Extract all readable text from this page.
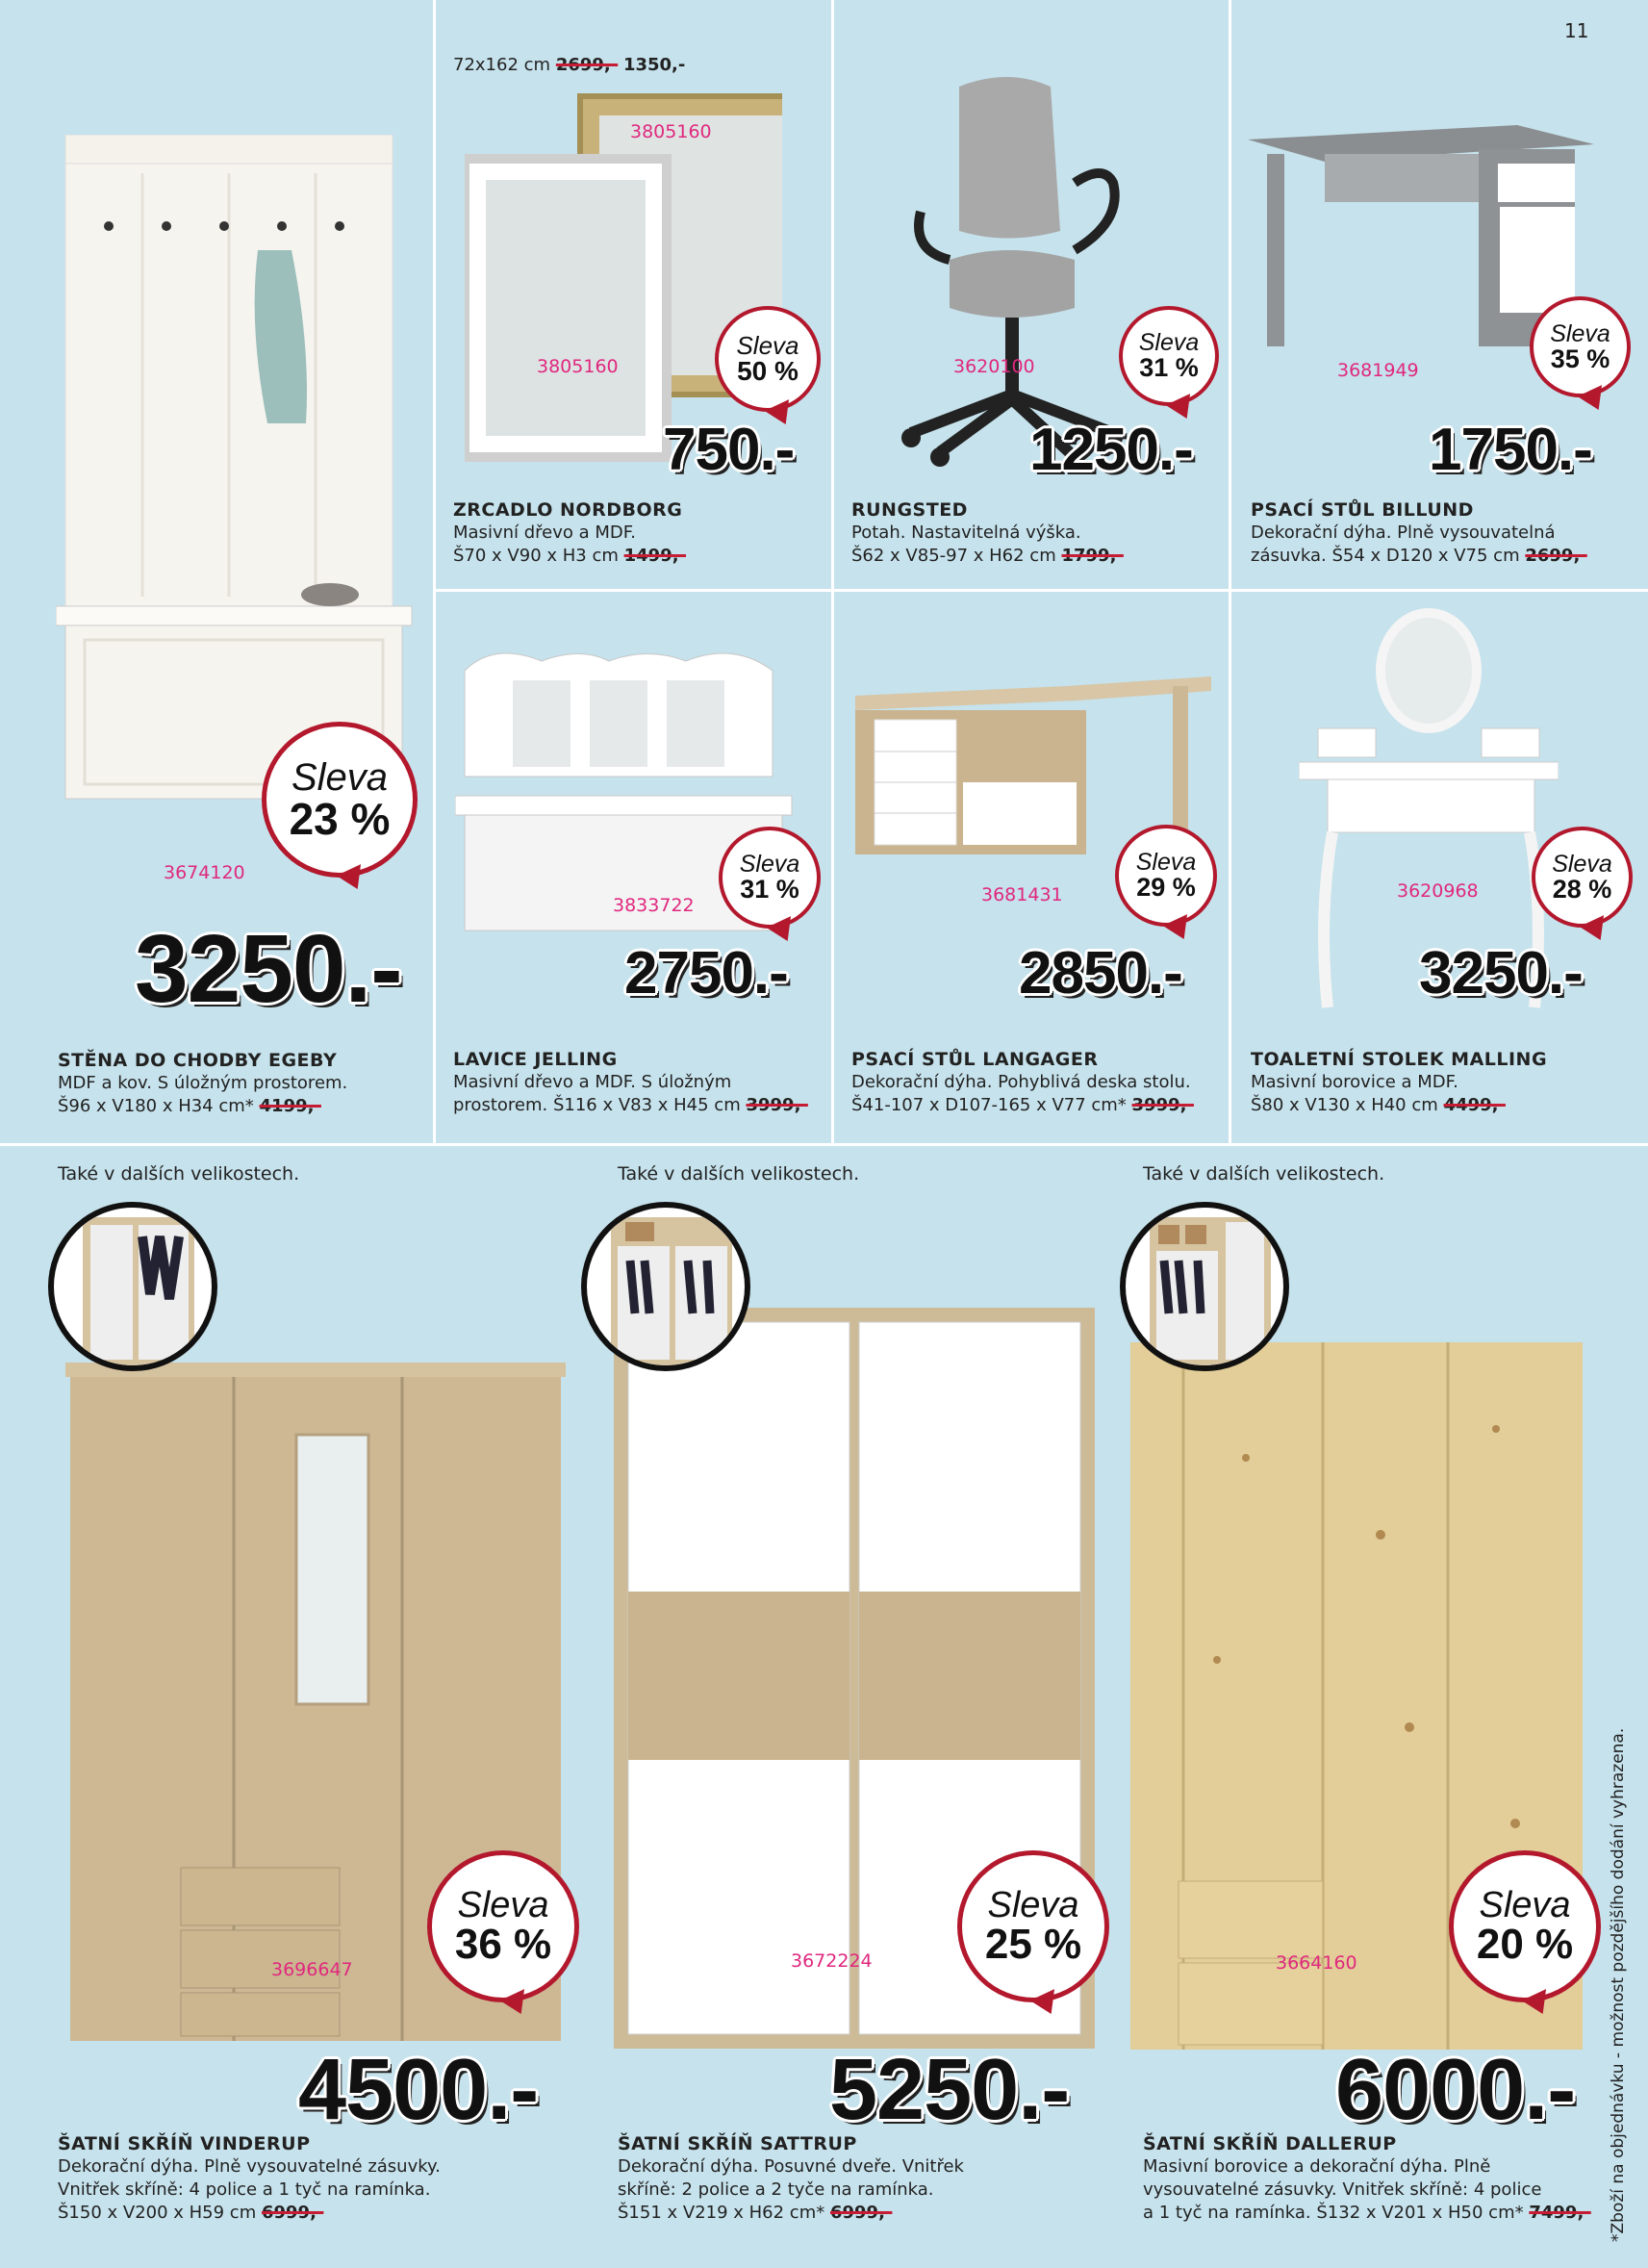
11
3674120
Sleva
23 %
3250.-
STĚNA DO CHODBY EGEBY
MDF a kov. S úložným prostorem.
Š96 x V180 x H34 cm* 4199,-
72x162 cm 2699,- 1350,-
3805160
3805160
Sleva
50 %
750.-
ZRCADLO NORDBORG
Masivní dřevo a MDF.
Š70 x V90 x H3 cm 1499,-
3620100
Sleva
31 %
1250.-
RUNGSTED
Potah. Nastavitelná výška.
Š62 x V85-97 x H62 cm 1799,-
3681949
Sleva
35 %
1750.-
PSACÍ STŮL BILLUND
Dekorační dýha. Plně vysouvatelná
zásuvka. Š54 x D120 x V75 cm 2699,-
3833722
Sleva
31 %
2750.-
LAVICE JELLING
Masivní dřevo a MDF. S úložným
prostorem. Š116 x V83 x H45 cm 3999,-
3681431
Sleva
29 %
2850.-
PSACÍ STŮL LANGAGER
Dekorační dýha. Pohyblivá deska stolu.
Š41-107 x D107-165 x V77 cm* 3999,-
3620968
Sleva
28 %
3250.-
TOALETNÍ STOLEK MALLING
Masivní borovice a MDF.
Š80 x V130 x H40 cm 4499,-
Také v dalších velikostech.
3696647
Sleva
36 %
4500.-
ŠATNÍ SKŘÍŇ VINDERUP
Dekorační dýha. Plně vysouvatelné zásuvky.
Vnitřek skříně: 4 police a 1 tyč na ramínka.
Š150 x V200 x H59 cm 6999,-
Také v dalších velikostech.
3672224
Sleva
25 %
5250.-
ŠATNÍ SKŘÍŇ SATTRUP
Dekorační dýha. Posuvné dveře. Vnitřek
skříně: 2 police a 2 tyče na ramínka.
Š151 x V219 x H62 cm* 6999,-
Také v dalších velikostech.
3664160
Sleva
20 %
6000.-
ŠATNÍ SKŘÍŇ DALLERUP
Masivní borovice a dekorační dýha. Plně
vysouvatelné zásuvky. Vnitřek skříně: 4 police
a 1 tyč na ramínka. Š132 x V201 x H50 cm* 7499,- *Zboží na objednávku - možnost pozdějšího dodání vyhrazena.
